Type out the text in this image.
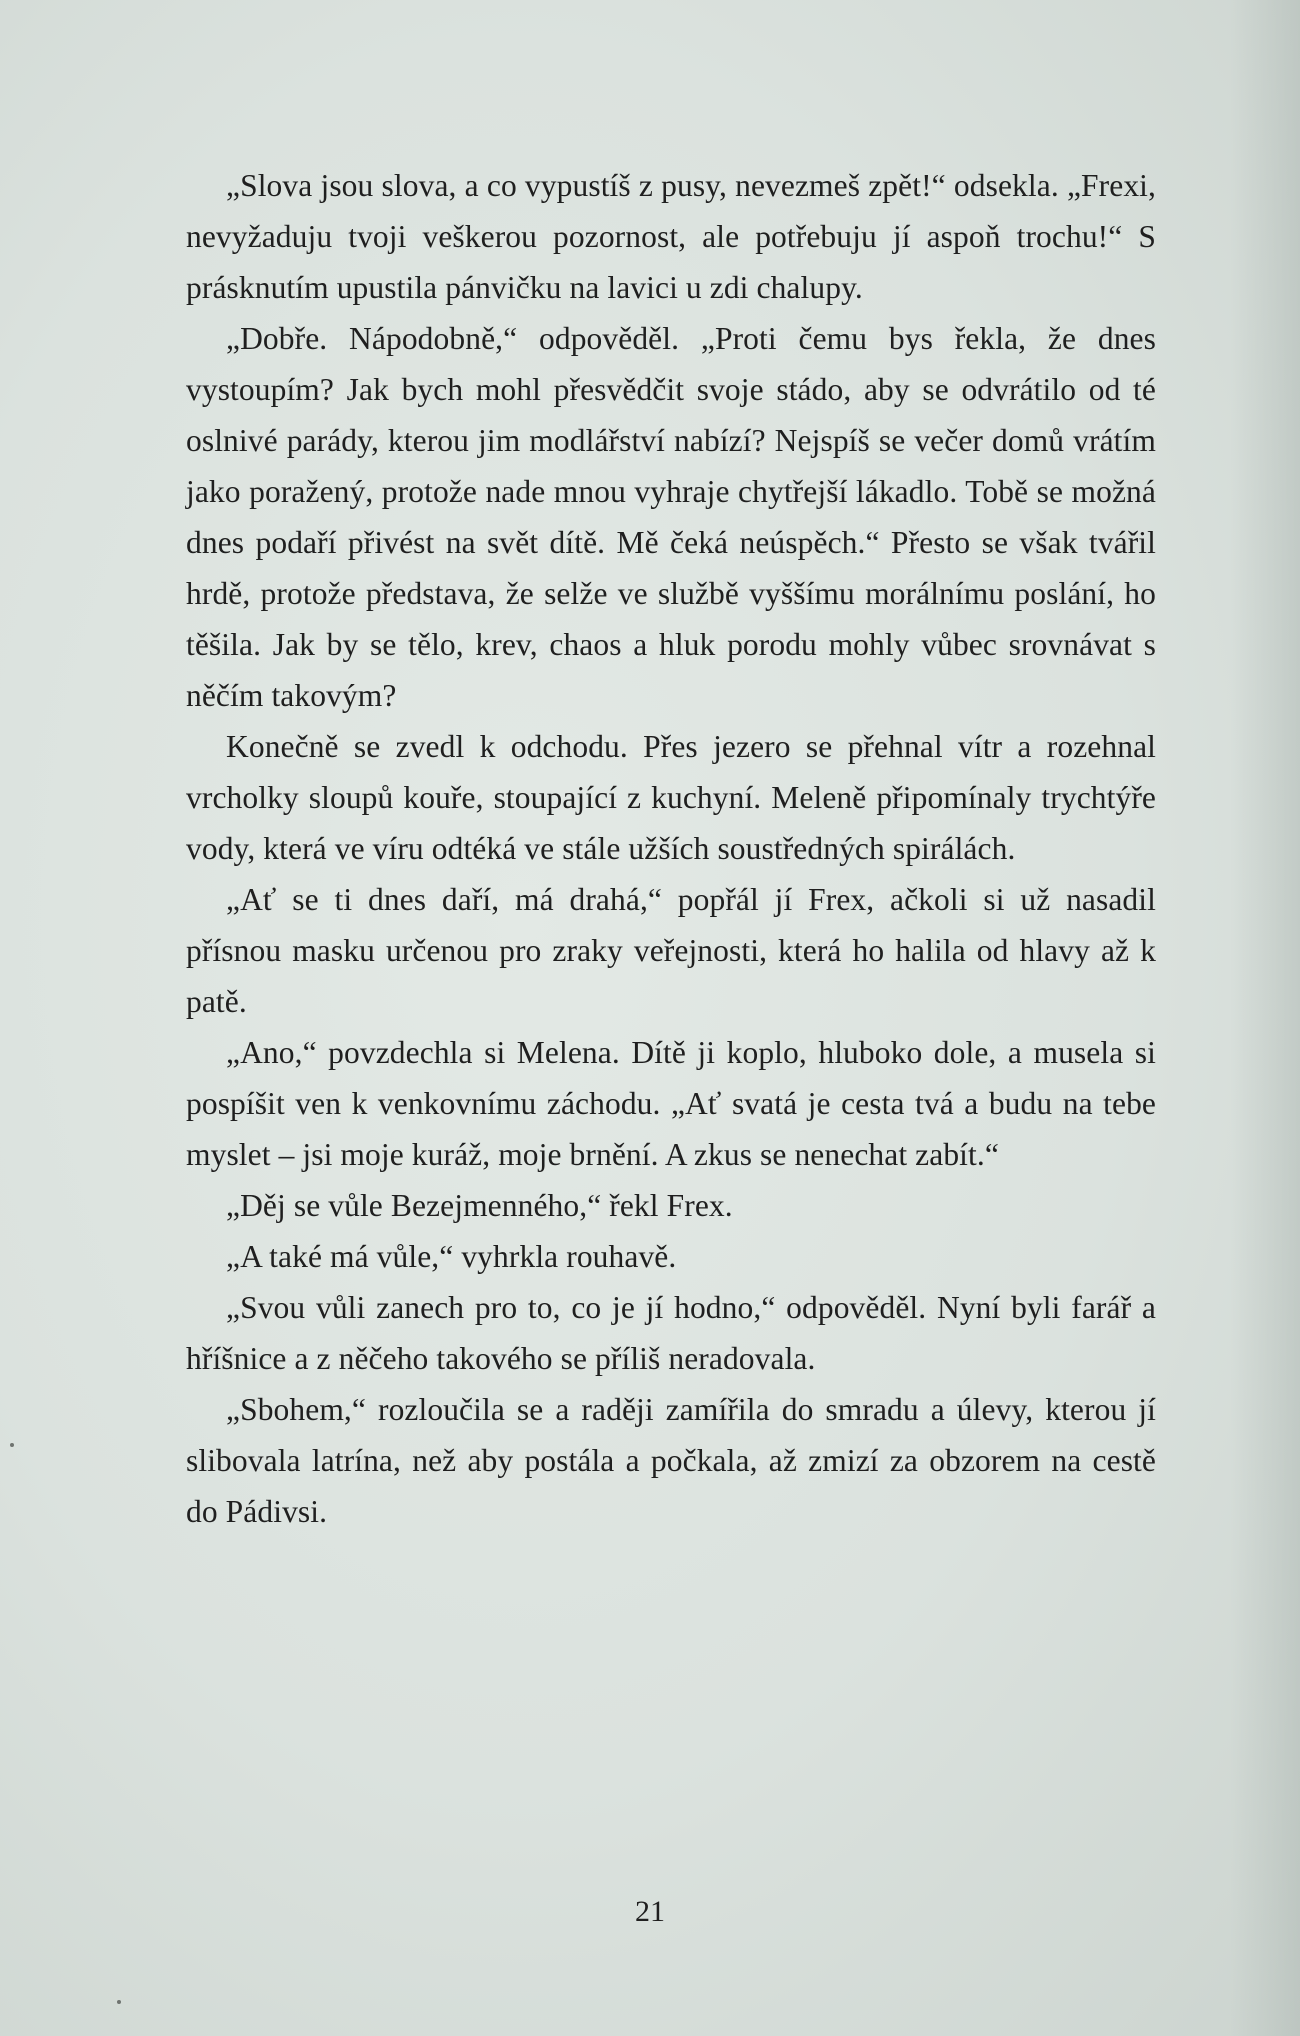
„Slova jsou slova, a co vypustíš z pusy, nevezmeš zpět!“ odsekla. „Frexi, nevyžaduju tvoji veškerou pozornost, ale potřebuju jí aspoň trochu!“ S prásknutím upustila pánvičku na lavici u zdi chalupy.

„Dobře. Nápodobně,“ odpověděl. „Proti čemu bys řekla, že dnes vystoupím? Jak bych mohl přesvědčit svoje stádo, aby se odvrátilo od té oslnivé parády, kterou jim modlářství nabízí? Nejspíš se večer domů vrátím jako poražený, protože nade mnou vyhraje chytřejší lákadlo. Tobě se možná dnes podaří přivést na svět dítě. Mě čeká neúspěch.“ Přesto se však tvářil hrdě, protože představa, že selže ve službě vyššímu morálnímu poslání, ho těšila. Jak by se tělo, krev, chaos a hluk porodu mohly vůbec srovnávat s něčím takovým?

Konečně se zvedl k odchodu. Přes jezero se přehnal vítr a rozehnal vrcholky sloupů kouře, stoupající z kuchyní. Meleně připomínaly trychtýře vody, která ve víru odtéká ve stále užších soustředných spirálách.

„Ať se ti dnes daří, má drahá,“ popřál jí Frex, ačkoli si už nasadil přísnou masku určenou pro zraky veřejnosti, která ho halila od hlavy až k patě.

„Ano,“ povzdechla si Melena. Dítě ji koplo, hluboko dole, a musela si pospíšit ven k venkovnímu záchodu. „Ať svatá je cesta tvá a budu na tebe myslet – jsi moje kuráž, moje brnění. A zkus se nenechat zabít.“

„Děj se vůle Bezejmenného,“ řekl Frex.

„A také má vůle,“ vyhrkla rouhavě.

„Svou vůli zanech pro to, co je jí hodno,“ odpověděl. Nyní byli farář a hříšnice a z něčeho takového se příliš neradovala.

„Sbohem,“ rozloučila se a raději zamířila do smradu a úlevy, kterou jí slibovala latrína, než aby postála a počkala, až zmizí za obzorem na cestě do Pádivsi.

21
